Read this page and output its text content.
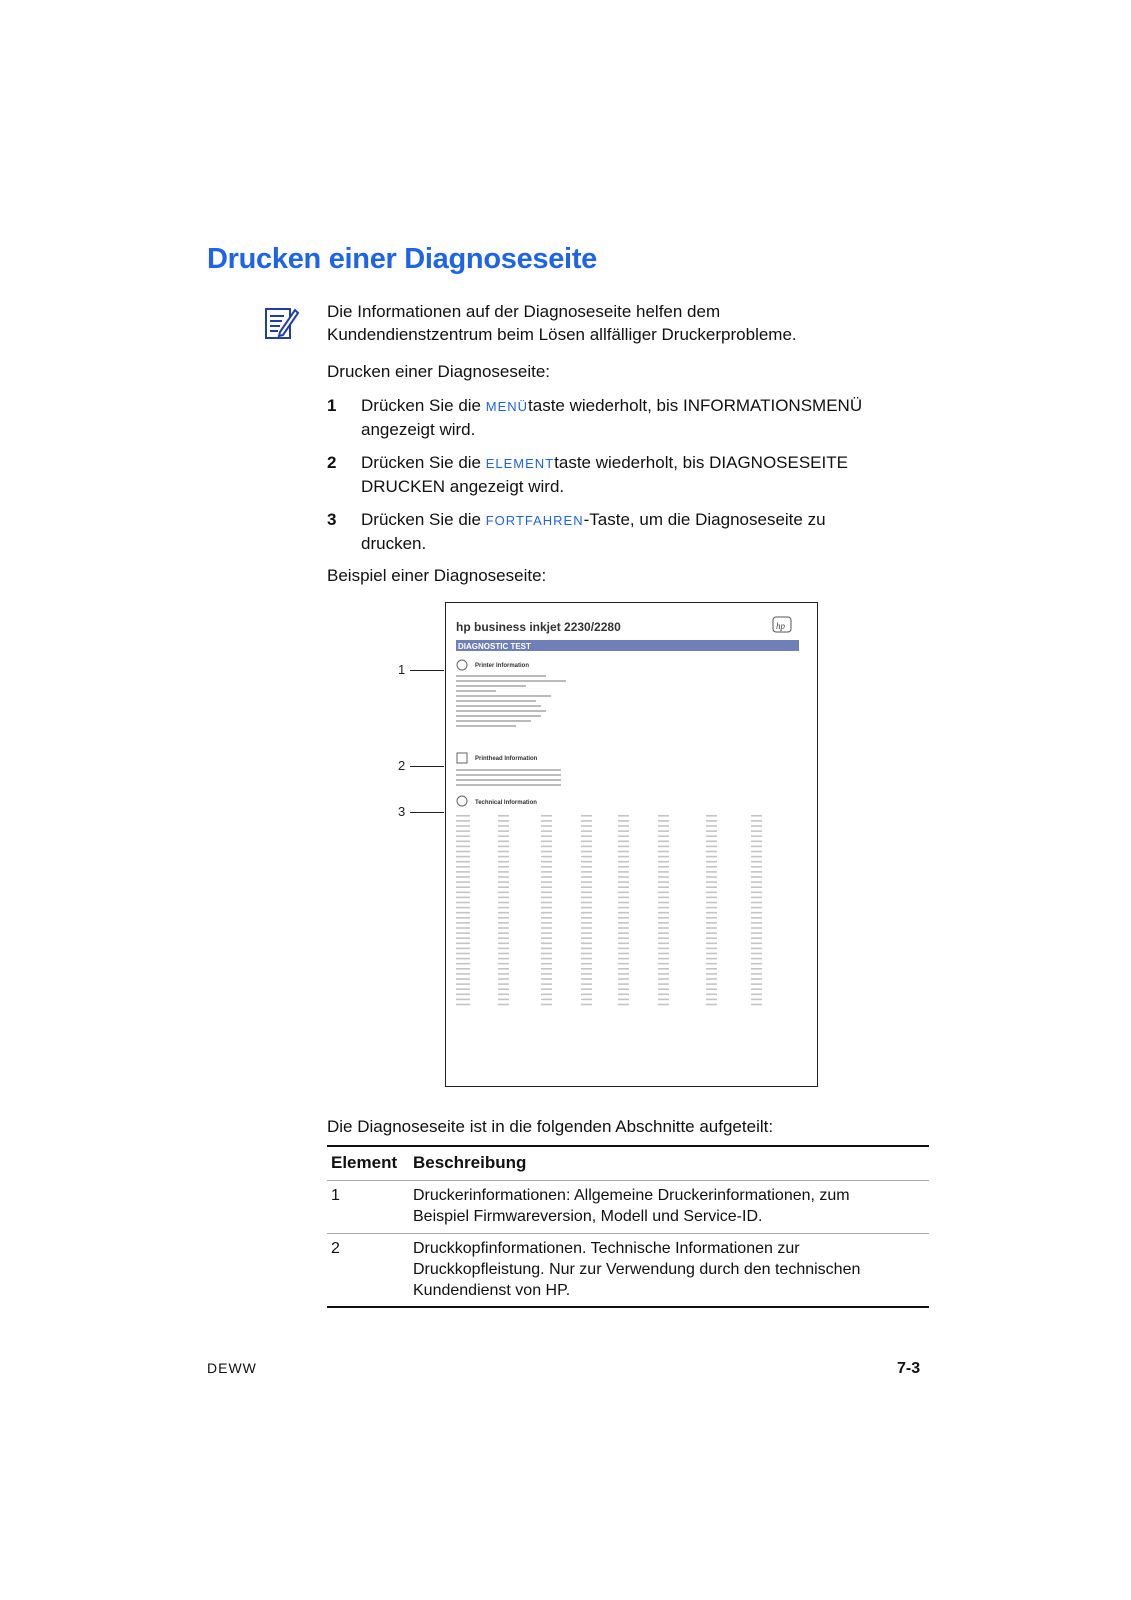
Drucken einer Diagnoseseite
Die Informationen auf der Diagnoseseite helfen dem
Kundendienstzentrum beim Lösen allfälliger Druckerprobleme.
Drucken einer Diagnoseseite:
1 Drücken Sie die MENÜtaste wiederholt, bis INFORMATIONSMENÜ
angezeigt wird.
2 Drücken Sie die ELEMENTtaste wiederholt, bis DIAGNOSESEITE
DRUCKEN angezeigt wird.
3 Drücken Sie die FORTFAHREN-Taste, um die Diagnoseseite zu
drucken.
Beispiel einer Diagnoseseite:
1
2
3
hp business inkjet 2230/2280	hp
DIAGNOSTIC TEST
Printer Information
Printhead Information
Technical Information
Die Diagnoseseite ist in die folgenden Abschnitte aufgeteilt:
Element Beschreibung
1	Druckerinformationen: Allgemeine Druckerinformationen, zum
Beispiel Firmwareversion, Modell und Service-ID.
2	Druckkopfinformationen. Technische Informationen zur
Druckkopfleistung. Nur zur Verwendung durch den technischen
Kundendienst von HP.
DEWW	7-3
